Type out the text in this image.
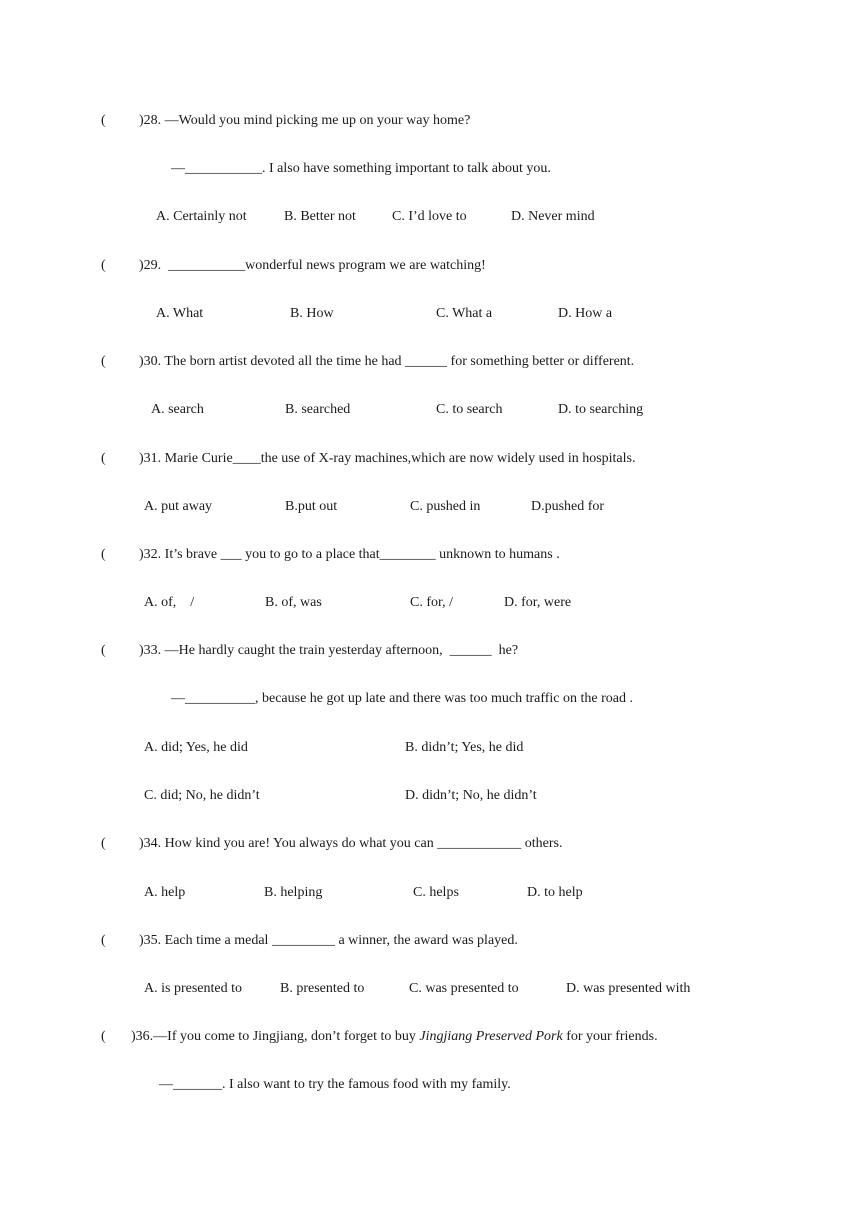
( )28. —Would you mind picking me up on your way home?
—___________. I also have something important to talk about you.
A. Certainly not	B. Better not	C. I’d love to	D. Never mind
( )29.  ___________wonderful news program we are watching!
A. What	B. How	C. What a	D. How a
( )30. The born artist devoted all the time he had ______ for something better or different.
A. search	B. searched	C. to search	D. to searching
( )31. Marie Curie____the use of X-ray machines,which are now widely used in hospitals.
A. put away	B.put out	C. pushed in	D.pushed for
( )32. It’s brave ___ you to go to a place that________ unknown to humans .
A. of,    /	B. of, was	C. for, /	D. for, were
( )33. —He hardly caught the train yesterday afternoon,  ______  he?
—__________, because he got up late and there was too much traffic on the road .
A. did; Yes, he did	B. didn’t; Yes, he did
C. did; No, he didn’t	D. didn’t; No, he didn’t
( )34. How kind you are! You always do what you can ____________ others.
A. help	B. helping	C. helps	D. to help
( )35. Each time a medal _________ a winner, the award was played.
A. is presented to	B. presented to	C. was presented to	D. was presented with
( )36.—If you come to Jingjiang, don’t forget to buy Jingjiang Preserved Pork for your friends.
—_______. I also want to try the famous food with my family.
